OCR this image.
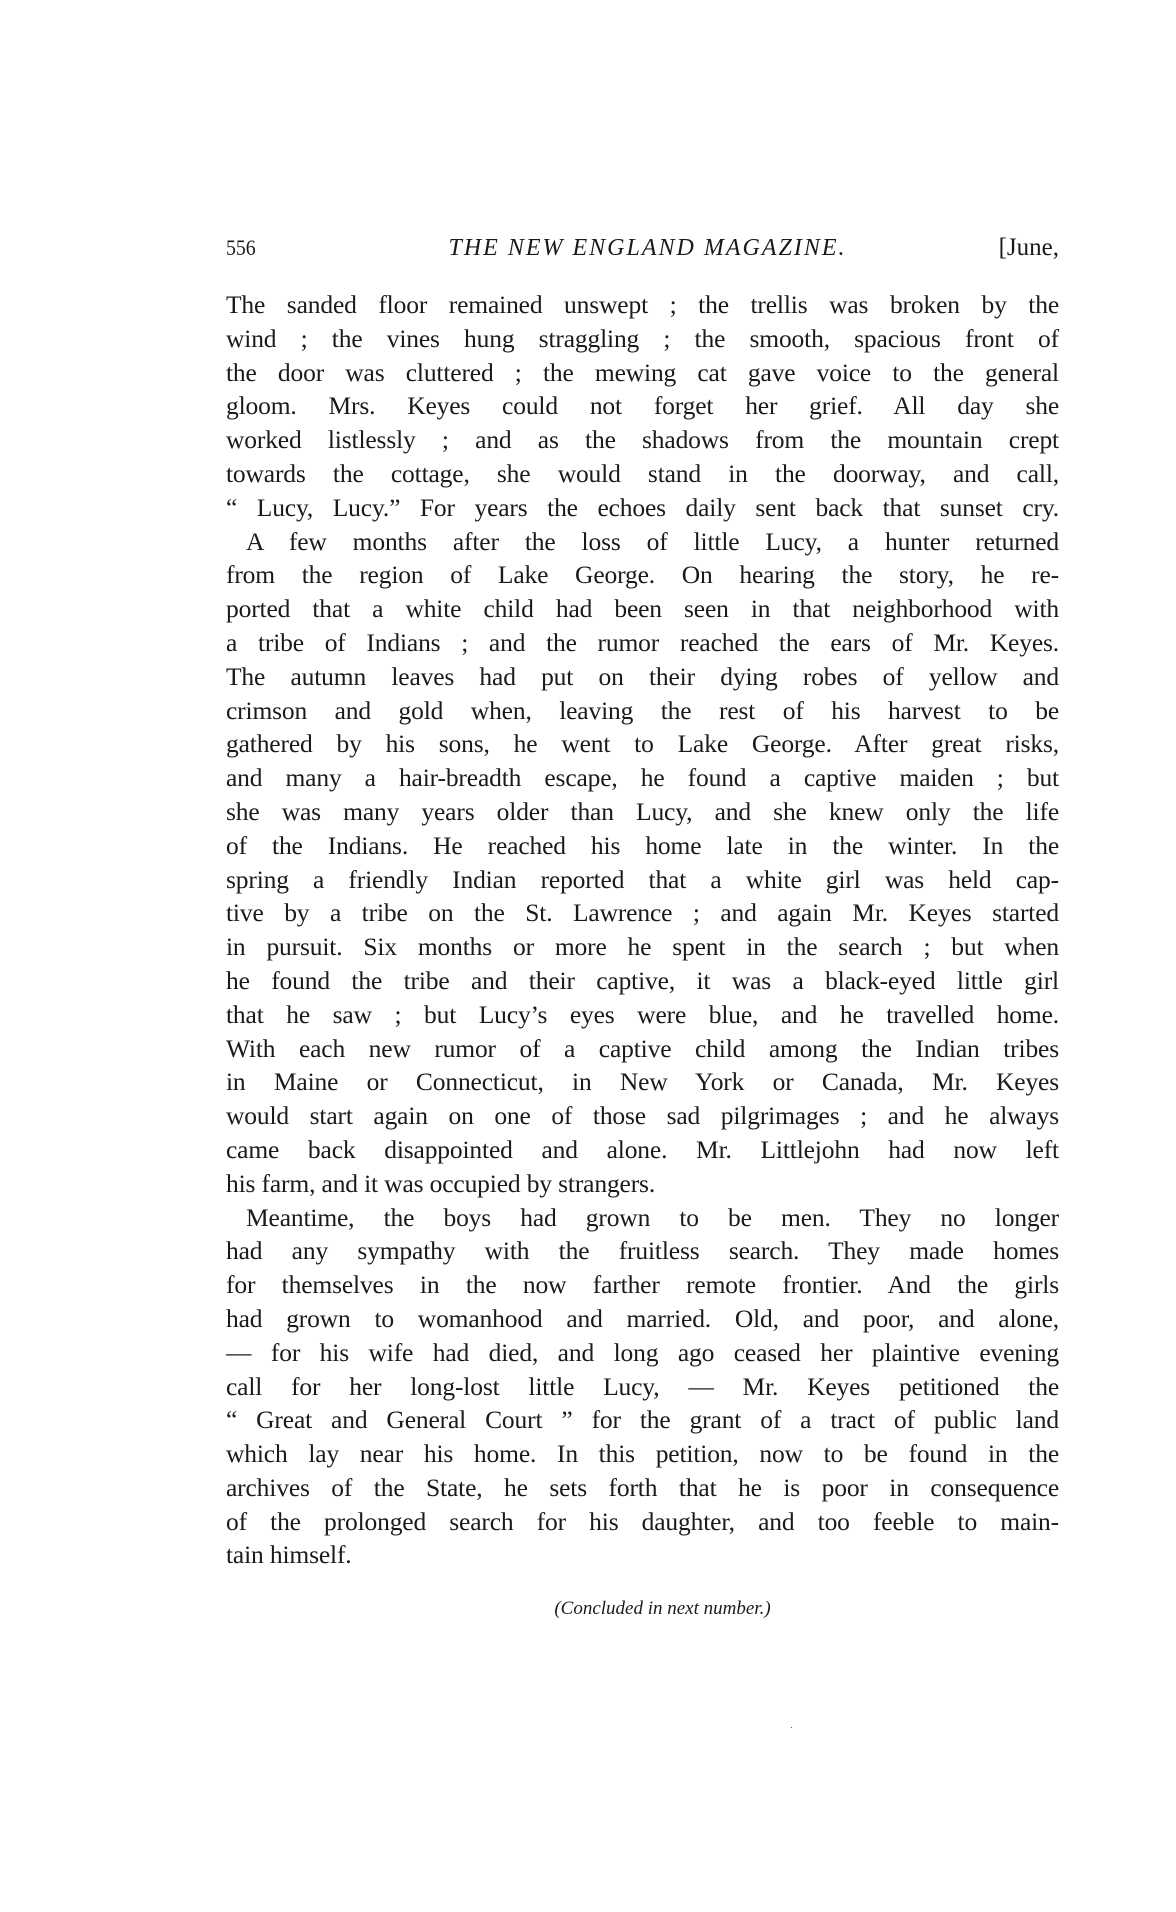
556	THE NEW ENGLAND MAGAZINE.	[June,

The sanded floor remained unswept ; the trellis was broken by the
wind ; the vines hung straggling ; the smooth, spacious front of
the door was cluttered ; the mewing cat gave voice to the general
gloom. Mrs. Keyes could not forget her grief. All day she
worked listlessly ; and as the shadows from the mountain crept
towards the cottage, she would stand in the doorway, and call,
“ Lucy, Lucy.” For years the echoes daily sent back that sunset cry.

A few months after the loss of little Lucy, a hunter returned
from the region of Lake George. On hearing the story, he re-
ported that a white child had been seen in that neighborhood with
a tribe of Indians ; and the rumor reached the ears of Mr. Keyes.
The autumn leaves had put on their dying robes of yellow and
crimson and gold when, leaving the rest of his harvest to be
gathered by his sons, he went to Lake George. After great risks,
and many a hair-breadth escape, he found a captive maiden ; but
she was many years older than Lucy, and she knew only the life
of the Indians. He reached his home late in the winter. In the
spring a friendly Indian reported that a white girl was held cap-
tive by a tribe on the St. Lawrence ; and again Mr. Keyes started
in pursuit. Six months or more he spent in the search ; but when
he found the tribe and their captive, it was a black-eyed little girl
that he saw ; but Lucy’s eyes were blue, and he travelled home.
With each new rumor of a captive child among the Indian tribes
in Maine or Connecticut, in New York or Canada, Mr. Keyes
would start again on one of those sad pilgrimages ; and he always
came back disappointed and alone. Mr. Littlejohn had now left
his farm, and it was occupied by strangers.

Meantime, the boys had grown to be men. They no longer
had any sympathy with the fruitless search. They made homes
for themselves in the now farther remote frontier. And the girls
had grown to womanhood and married. Old, and poor, and alone,
— for his wife had died, and long ago ceased her plaintive evening
call for her long-lost little Lucy, — Mr. Keyes petitioned the
“ Great and General Court ” for the grant of a tract of public land
which lay near his home. In this petition, now to be found in the
archives of the State, he sets forth that he is poor in consequence
of the prolonged search for his daughter, and too feeble to main-
tain himself.

(Concluded in next number.)
